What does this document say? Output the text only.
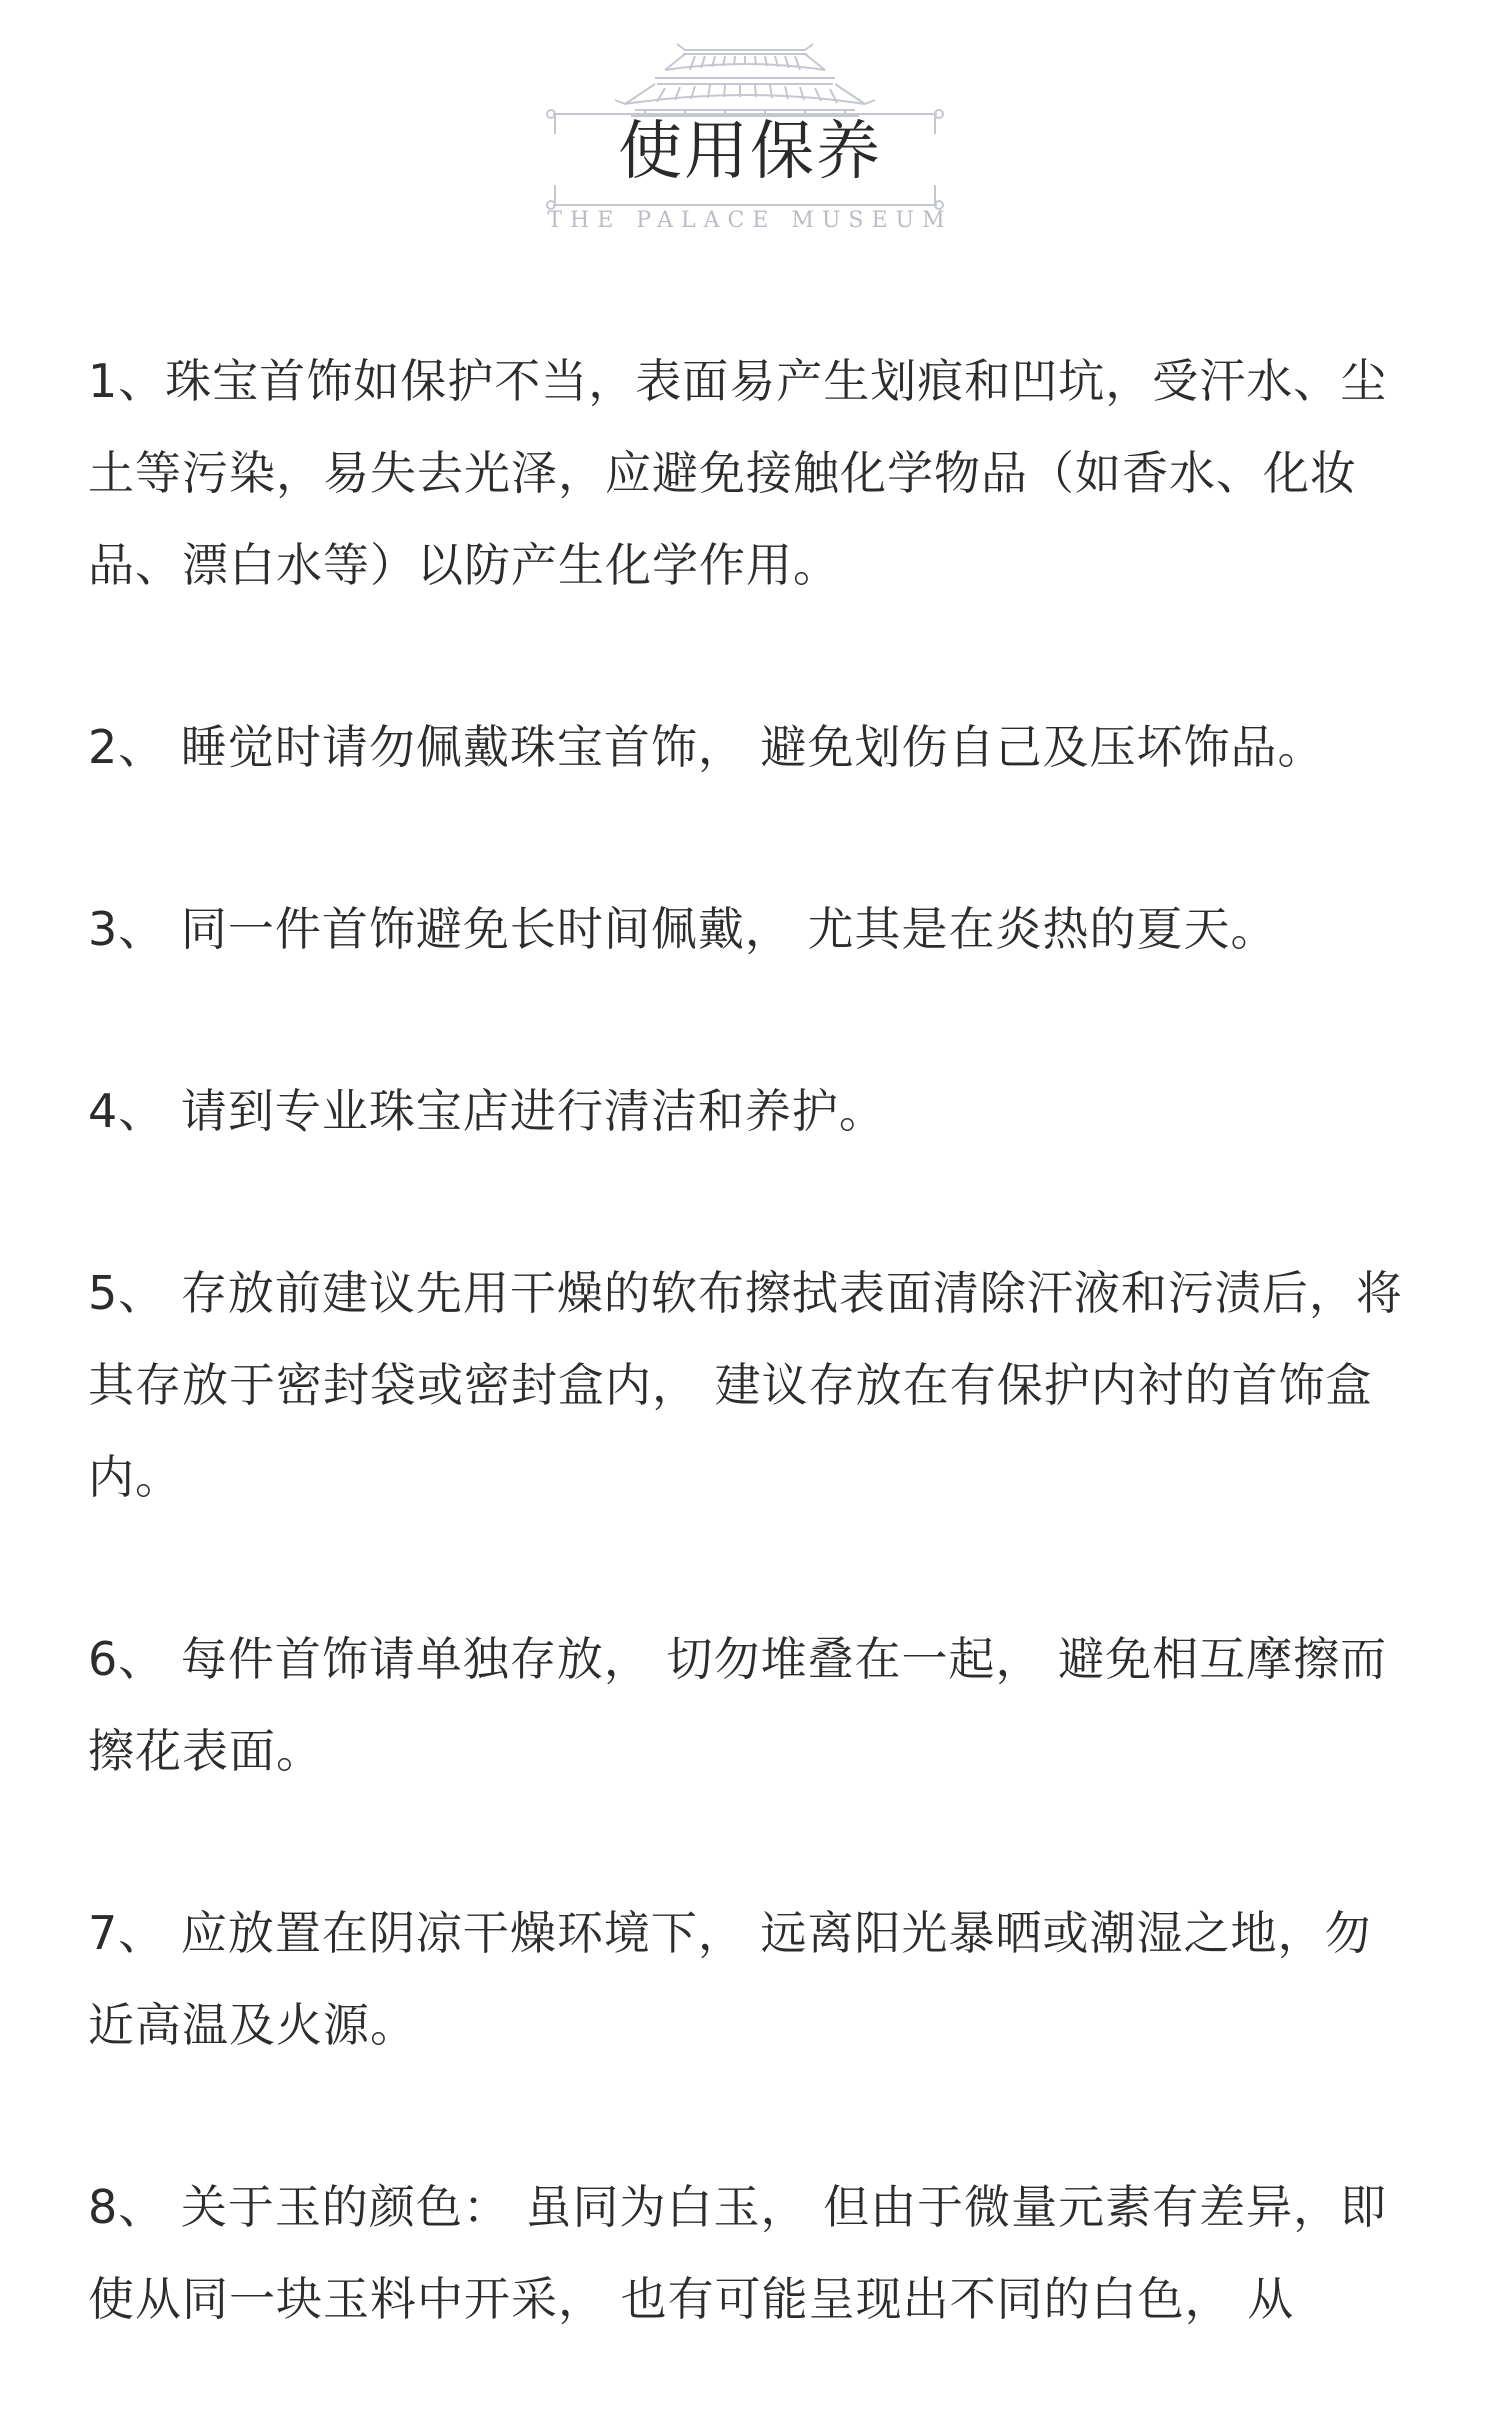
使用保养
THE PALACE MUSEUM

1、珠宝首饰如保护不当，表面易产生划痕和凹坑，受汗水、尘土等污染，易失去光泽，应避免接触化学物品（如香水、化妆品、漂白水等）以防产生化学作用。

2、 睡觉时请勿佩戴珠宝首饰， 避免划伤自己及压坏饰品。

3、 同一件首饰避免长时间佩戴， 尤其是在炎热的夏天。

4、 请到专业珠宝店进行清洁和养护。

5、 存放前建议先用干燥的软布擦拭表面清除汗液和污渍后，将其存放于密封袋或密封盒内， 建议存放在有保护内衬的首饰盒内。

6、 每件首饰请单独存放， 切勿堆叠在一起， 避免相互摩擦而擦花表面。

7、 应放置在阴凉干燥环境下， 远离阳光暴晒或潮湿之地，勿近高温及火源。

8、 关于玉的颜色： 虽同为白玉， 但由于微量元素有差异，即使从同一块玉料中开采， 也有可能呈现出不同的白色， 从
